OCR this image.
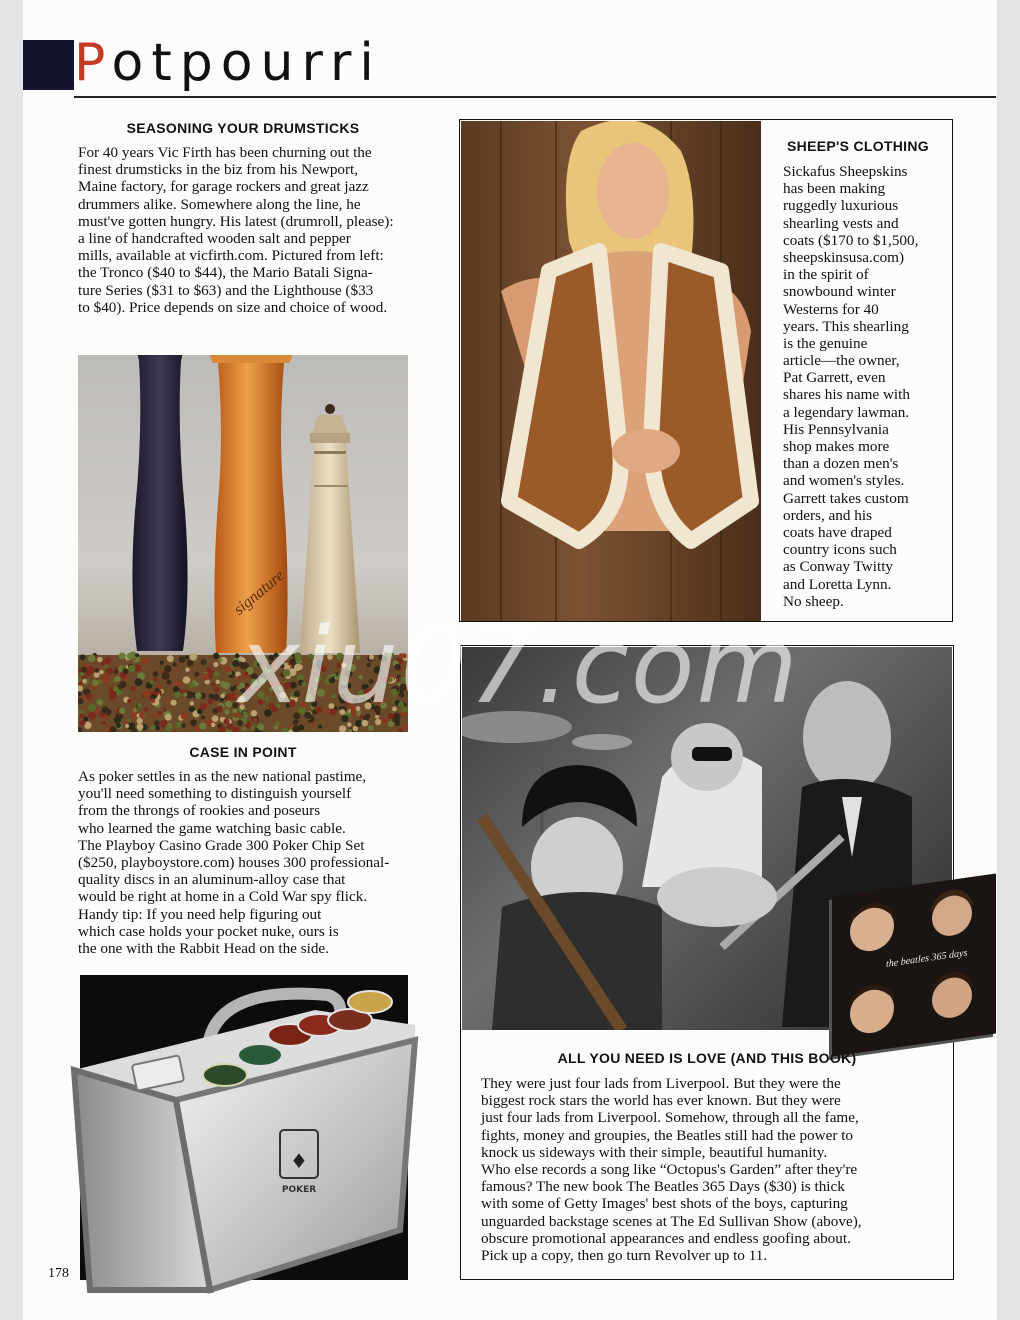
Potpourri
SEASONING YOUR DRUMSTICKS
For 40 years Vic Firth has been churning out the
finest drumsticks in the biz from his Newport,
Maine factory, for garage rockers and great jazz
drummers alike. Somewhere along the line, he
must've gotten hungry. His latest (drumroll, please):
a line of handcrafted wooden salt and pepper
mills, available at vicfirth.com. Pictured from left:
the Tronco ($40 to $44), the Mario Batali Signa-
ture Series ($31 to $63) and the Lighthouse ($33
to $40). Price depends on size and choice of wood.
signature
CASE IN POINT
As poker settles in as the new national pastime,
you'll need something to distinguish yourself
from the throngs of rookies and poseurs
who learned the game watching basic cable.
The Playboy Casino Grade 300 Poker Chip Set
($250, playboystore.com) houses 300 professional-
quality discs in an aluminum-alloy case that
would be right at home in a Cold War spy flick.
Handy tip: If you need help figuring out
which case holds your pocket nuke, ours is
the one with the Rabbit Head on the side.
♦
POKER
SHEEP'S CLOTHING
Sickafus Sheepskins
has been making
ruggedly luxurious
shearling vests and
coats ($170 to $1,500,
sheepskinsusa.com)
in the spirit of
snowbound winter
Westerns for 40
years. This shearling
is the genuine
article—the owner,
Pat Garrett, even
shares his name with
a legendary lawman.
His Pennsylvania
shop makes more
than a dozen men's
and women's styles.
Garrett takes custom
orders, and his
coats have draped
country icons such
as Conway Twitty
and Loretta Lynn.
No sheep.
the beatles 365 days
ALL YOU NEED IS LOVE (AND THIS BOOK)
They were just four lads from Liverpool. But they were the
biggest rock stars the world has ever known. But they were
just four lads from Liverpool. Somehow, through all the fame,
fights, money and groupies, the Beatles still had the power to
knock us sideways with their simple, beautiful humanity.
Who else records a song like “Octopus's Garden” after they're
famous? The new book The Beatles 365 Days ($30) is thick
with some of Getty Images' best shots of the boys, capturing
unguarded backstage scenes at The Ed Sullivan Show (above),
obscure promotional appearances and endless goofing about.
Pick up a copy, then go turn Revolver up to 11.
xiu07.com
178
